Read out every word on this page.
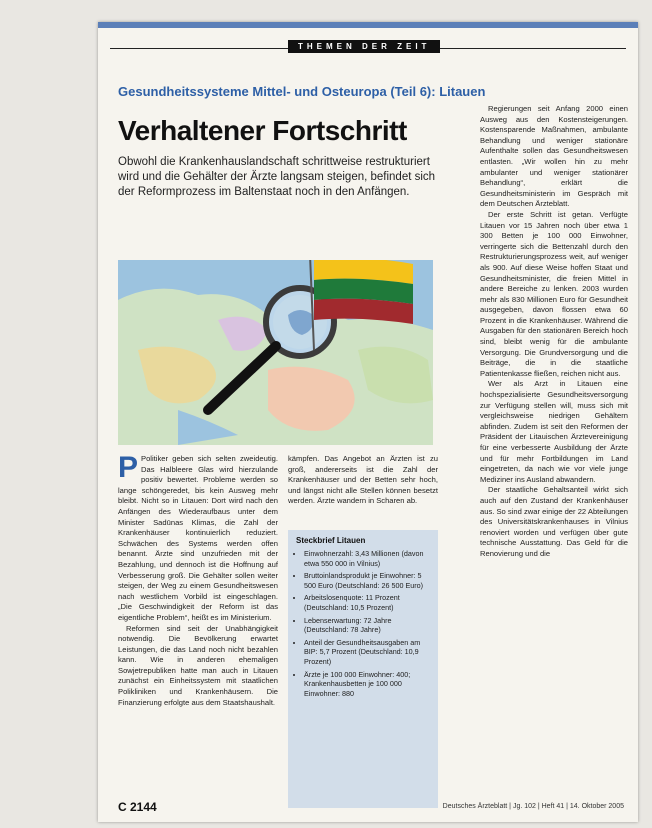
THEMEN DER ZEIT
Gesundheitssysteme Mittel- und Osteuropa (Teil 6): Litauen
Verhaltener Fortschritt
Obwohl die Krankenhauslandschaft schrittweise restrukturiert wird und die Gehälter der Ärzte langsam steigen, befindet sich der Reformprozess im Baltenstaat noch in den Anfängen.

Regierungen seit Anfang 2000 einen Ausweg aus den Kostensteigerungen. Kostensparende Maßnahmen, ambulante Behandlung und weniger stationäre Aufenthalte sollen das Gesundheitswesen entlasten. „Wir wollen hin zu mehr ambulanter und weniger stationärer Behandlung“, erklärt die Gesundheitsministerin im Gespräch mit dem Deutschen Ärzteblatt.

Der erste Schritt ist getan. Verfügte Litauen vor 15 Jahren noch über etwa 1 300 Betten je 100 000 Einwohner, verringerte sich die Bettenzahl durch den Restrukturierungsprozess weit, auf weniger als 900. Auf diese Weise hoffen Staat und Gesundheitsminister, die freien Mittel in andere Bereiche zu lenken. 2003 wurden mehr als 830 Millionen Euro für Gesundheit ausgegeben, davon flossen etwa 60 Prozent in die Krankenhäuser. Während die Ausgaben für den stationären Bereich hoch sind, bleibt wenig für die ambulante Versorgung. Die Grundversorgung und die Beiträge, die in die staatliche Patientenkasse fließen, reichen nicht aus.

Wer als Arzt in Litauen eine hochspezialisierte Gesundheitsversorgung zur Verfügung stellen will, muss sich mit vergleichsweise niedrigen Gehältern abfinden. Zudem ist seit den Reformen der Präsident der Litauischen Ärztevereinigung für eine verbesserte Ausbildung der Ärzte und für mehr Fortbildungen im Land eingetreten, da nach wie vor viele junge Mediziner ins Ausland abwandern.

Der staatliche Gehaltsanteil wirkt sich auch auf den Zustand der Krankenhäuser aus. So sind zwar einige der 22 Abteilungen des Universitätskrankenhauses in Vilnius renoviert worden und verfügen über gute technische Ausstattung. Das Geld für die Renovierung und die

P Politiker geben sich selten zweideutig. Das Halbleere Glas wird hierzulande positiv bewertet. Probleme werden so lange schöngeredet, bis kein Ausweg mehr bleibt. Nicht so in Litauen: Dort wird nach den Anfängen des Wiederaufbaus unter dem Minister Sadūnas Klimas, die Zahl der Krankenhäuser kontinuierlich reduziert. Schwächen des Systems werden offen benannt. Ärzte sind unzufrieden mit der Bezahlung, und dennoch ist die Hoffnung auf Verbesserung groß. Die Gehälter sollen weiter steigen, der Weg zu einem Gesundheitswesen nach westlichem Vorbild ist eingeschlagen. „Die Geschwindigkeit der Reform ist das eigentliche Problem“, heißt es im Ministerium.

Reformen sind seit der Unabhängigkeit notwendig. Die Bevölkerung erwartet Leistungen, die das Land noch nicht bezahlen kann. Wie in anderen ehemaligen Sowjetrepubliken hatte man auch in Litauen zunächst ein Einheitssystem mit staatlichen Polikliniken und Krankenhäusern. Die Finanzierung erfolgte aus dem Staatshaushalt.

kämpfen. Das Angebot an Ärzten ist zu groß, andererseits ist die Zahl der Krankenhäuser und der Betten sehr hoch, und längst nicht alle Stellen können besetzt werden. Ärzte wandern in Scharen ab.

Steckbrief Litauen
• Einwohnerzahl: 3,43 Millionen (davon etwa 550 000 in Vilnius)
• Bruttoinlandsprodukt je Einwohner: 5 500 Euro (Deutschland: 26 500 Euro)
• Arbeitslosenquote: 11 Prozent (Deutschland: 10,5 Prozent)
• Lebenserwartung: 72 Jahre (Deutschland: 78 Jahre)
• Anteil der Gesundheitsausgaben am BIP: 5,7 Prozent (Deutschland: 10,9 Prozent)
• Ärzte je 100 000 Einwohner: 400; Krankenhausbetten je 100 000 Einwohner: 880
C 2144	Deutsches Ärzteblatt | Jg. 102 | Heft 41 | 14. Oktober 2005
